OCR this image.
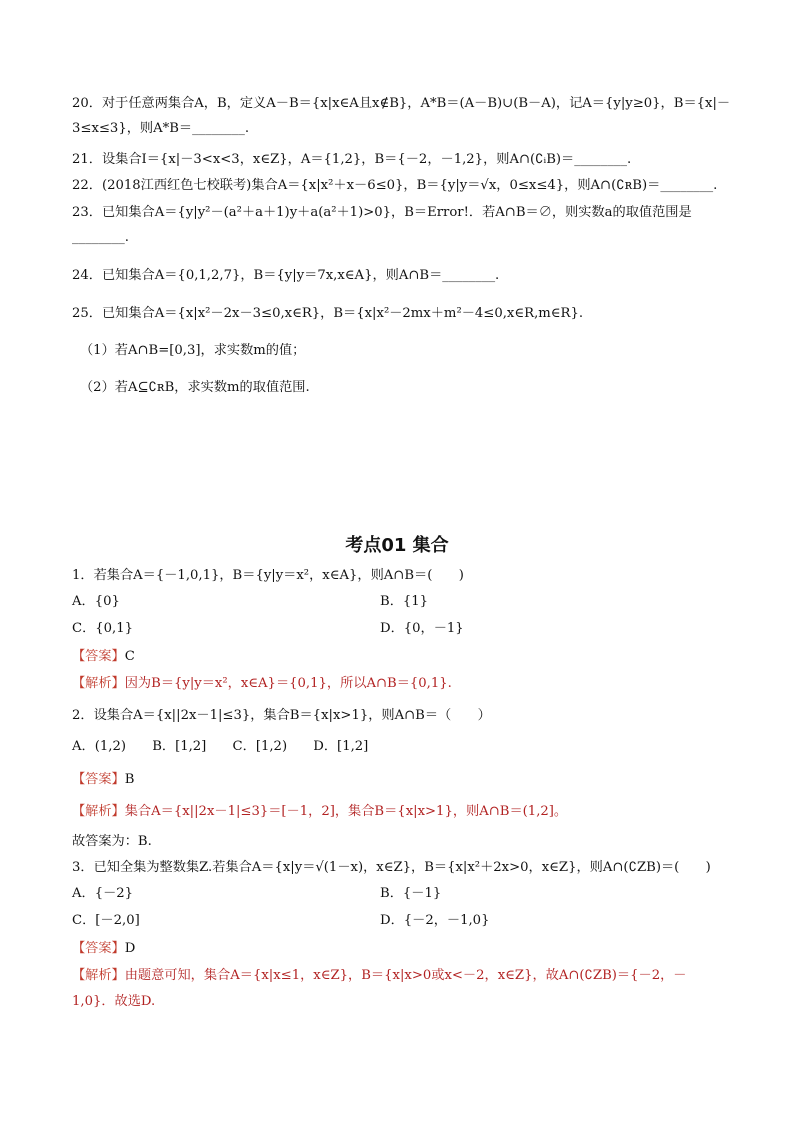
20．对于任意两集合A，B，定义A－B＝{x|x∈A且x∉B}，A*B＝(A－B)∪(B－A)，记A＝{y|y≥0}，B＝{x|－
3≤x≤3}，则A*B＝________.
21．设集合I＝{x|－3<x<3，x∈Z}，A＝{1,2}，B＝{－2，－1,2}，则A∩(∁ᵢB)＝________.
22．(2018江西红色七校联考)集合A＝{x|x²＋x－6≤0}，B＝{y|y＝√x，0≤x≤4}，则A∩(∁ʀB)＝________.
23．已知集合A＝{y|y²－(a²＋a＋1)y＋a(a²＋1)>0}，B＝Error!．若A∩B＝∅，则实数a的取值范围是
________.
24．已知集合A＝{0,1,2,7}，B＝{y|y＝7x,x∈A}，则A∩B＝________.
25．已知集合A＝{x|x²－2x－3≤0,x∈R}，B＝{x|x²－2mx＋m²－4≤0,x∈R,m∈R}.
（1）若A∩B=[0,3]，求实数m的值；
（2）若A⊆∁ʀB，求实数m的取值范围.
考点01 集合
1．若集合A＝{－1,0,1}，B＝{y|y＝x²，x∈A}，则A∩B＝(　　)
A．{0}	B．{1}
C．{0,1}	D．{0，－1}
【答案】C
【解析】因为B＝{y|y＝x²，x∈A}＝{0,1}，所以A∩B＝{0,1}.
2．设集合A＝{x||2x－1|≤3}，集合B＝{x|x>1}，则A∩B＝（　　）
A．(1,2) B．[1,2] C．[1,2) D．[1,2]
【答案】B
【解析】集合A＝{x||2x－1|≤3}＝[－1，2]，集合B＝{x|x>1}，则A∩B＝(1,2]。
故答案为：B.
3．已知全集为整数集Z.若集合A＝{x|y＝√(1－x)，x∈Z}，B＝{x|x²＋2x>0，x∈Z}，则A∩(∁ZB)＝(　　)
A．{－2}	B．{－1}
C．[－2,0]	D．{－2，－1,0}
【答案】D
【解析】由题意可知，集合A＝{x|x≤1，x∈Z}，B＝{x|x>0或x<－2，x∈Z}，故A∩(∁ZB)＝{－2，－
1,0}．故选D.
